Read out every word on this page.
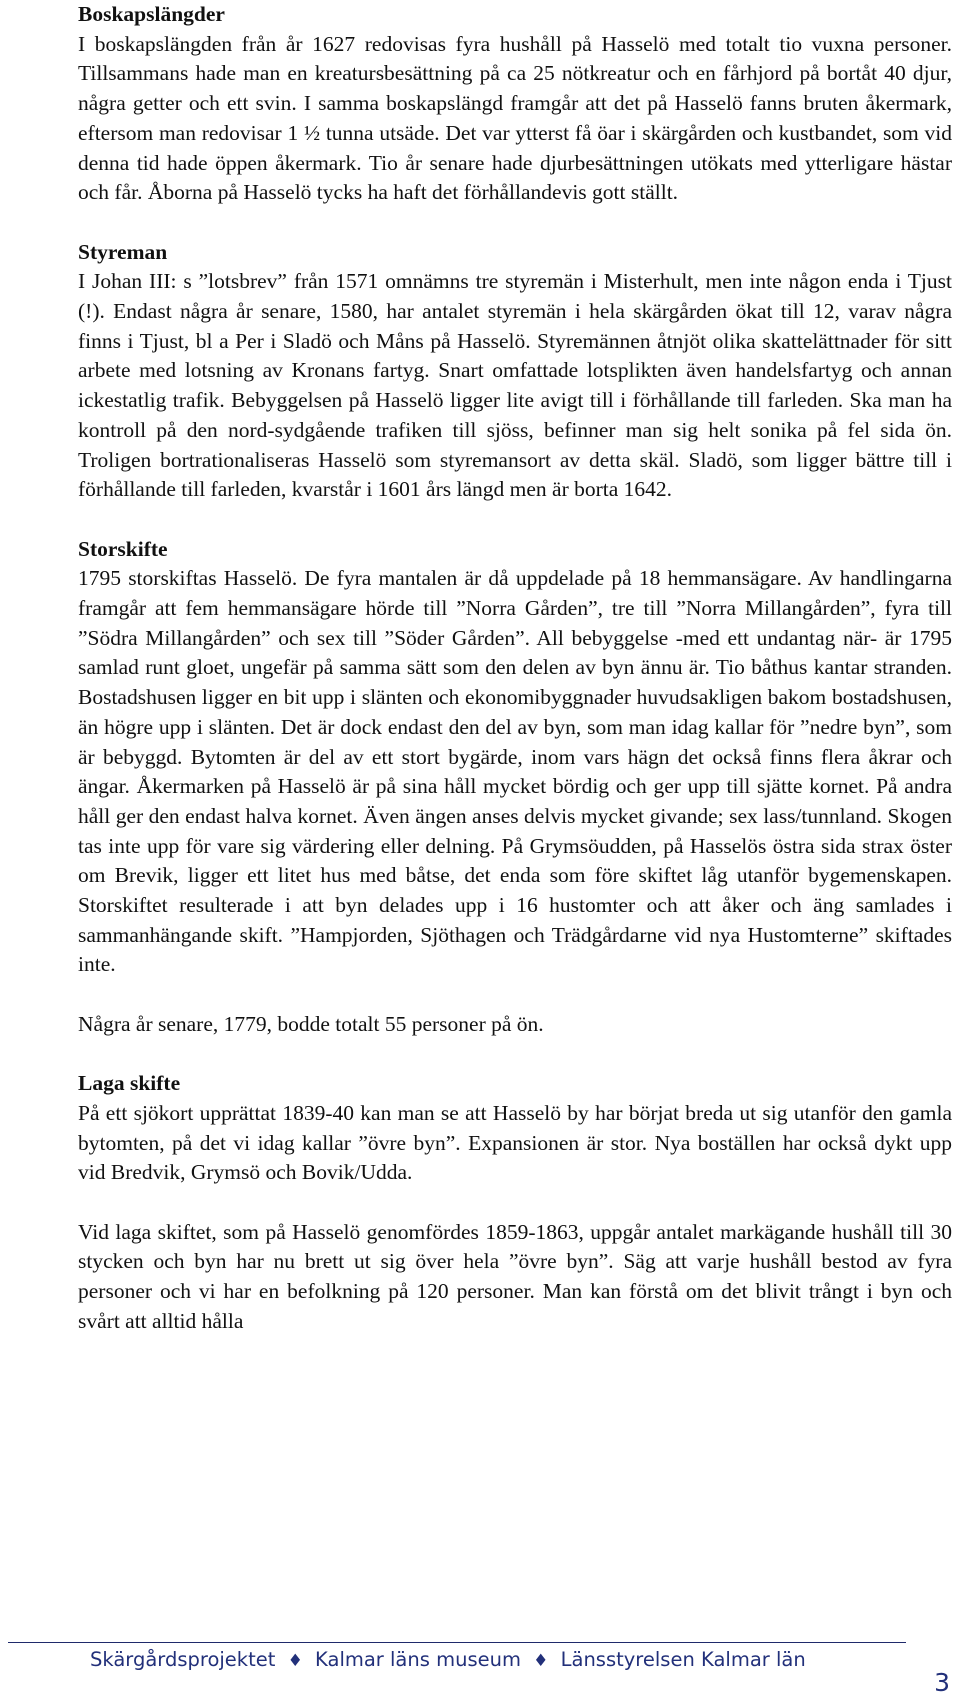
Boskapslängder

I boskapslängden från år 1627 redovisas fyra hushåll på Hasselö med totalt tio vuxna personer. Tillsammans hade man en kreatursbesättning på ca 25 nötkreatur och en fårhjord på bortåt 40 djur, några getter och ett svin. I samma boskapslängd framgår att det på Hasselö fanns bruten åkermark, eftersom man redovisar 1 ½ tunna utsäde. Det var ytterst få öar i skärgården och kustbandet, som vid denna tid hade öppen åkermark. Tio år senare hade djurbesättningen utökats med ytterligare hästar och får. Åborna på Hasselö tycks ha haft det förhållandevis gott ställt.

Styreman

I Johan III: s ”lotsbrev” från 1571 omnämns tre styremän i Misterhult, men inte någon enda i Tjust (!). Endast några år senare, 1580, har antalet styremän i hela skärgården ökat till 12, varav några finns i Tjust, bl a Per i Sladö och Måns på Hasselö. Styremännen åtnjöt olika skattelättnader för sitt arbete med lotsning av Kronans fartyg. Snart omfattade lotsplikten även handelsfartyg och annan ickestatlig trafik. Bebyggelsen på Hasselö ligger lite avigt till i förhållande till farleden. Ska man ha kontroll på den nord-sydgående trafiken till sjöss, befinner man sig helt sonika på fel sida ön. Troligen bortrationaliseras Hasselö som styremansort av detta skäl. Sladö, som ligger bättre till i förhållande till farleden, kvarstår i 1601 års längd men är borta 1642.

Storskifte

1795 storskiftas Hasselö. De fyra mantalen är då uppdelade på 18 hemmansägare. Av handlingarna framgår att fem hemmansägare hörde till ”Norra Gården”, tre till ”Norra Millangården”, fyra till ”Södra Millangården” och sex till ”Söder Gården”. All bebyggelse -med ett undantag när- är 1795 samlad runt gloet, ungefär på samma sätt som den delen av byn ännu är. Tio båthus kantar stranden. Bostadshusen ligger en bit upp i slänten och ekonomibyggnader huvudsakligen bakom bostadshusen, än högre upp i slänten. Det är dock endast den del av byn, som man idag kallar för ”nedre byn”, som är bebyggd. Bytomten är del av ett stort bygärde, inom vars hägn det också finns flera åkrar och ängar. Åkermarken på Hasselö är på sina håll mycket bördig och ger upp till sjätte kornet. På andra håll ger den endast halva kornet. Även ängen anses delvis mycket givande; sex lass/tunnland. Skogen tas inte upp för vare sig värdering eller delning. På Grymsöudden, på Hasselös östra sida strax öster om Brevik, ligger ett litet hus med båtse, det enda som före skiftet låg utanför bygemenskapen. Storskiftet resulterade i att byn delades upp i 16 hustomter och att åker och äng samlades i sammanhängande skift. ”Hampjorden, Sjöthagen och Trädgårdarne vid nya Hustomterne” skiftades inte.

Några år senare, 1779, bodde totalt 55 personer på ön.

Laga skifte

På ett sjökort upprättat 1839-40 kan man se att Hasselö by har börjat breda ut sig utanför den gamla bytomten, på det vi idag kallar ”övre byn”. Expansionen är stor. Nya boställen har också dykt upp vid Bredvik, Grymsö och Bovik/Udda.

Vid laga skiftet, som på Hasselö genomfördes 1859-1863, uppgår antalet markägande hushåll till 30 stycken och byn har nu brett ut sig över hela ”övre byn”. Säg att varje hushåll bestod av fyra personer och vi har en befolkning på 120 personer. Man kan förstå om det blivit trångt i byn och svårt att alltid hålla

Skärgårdsprojektet ♦ Kalmar läns museum ♦ Länsstyrelsen Kalmar län
3
